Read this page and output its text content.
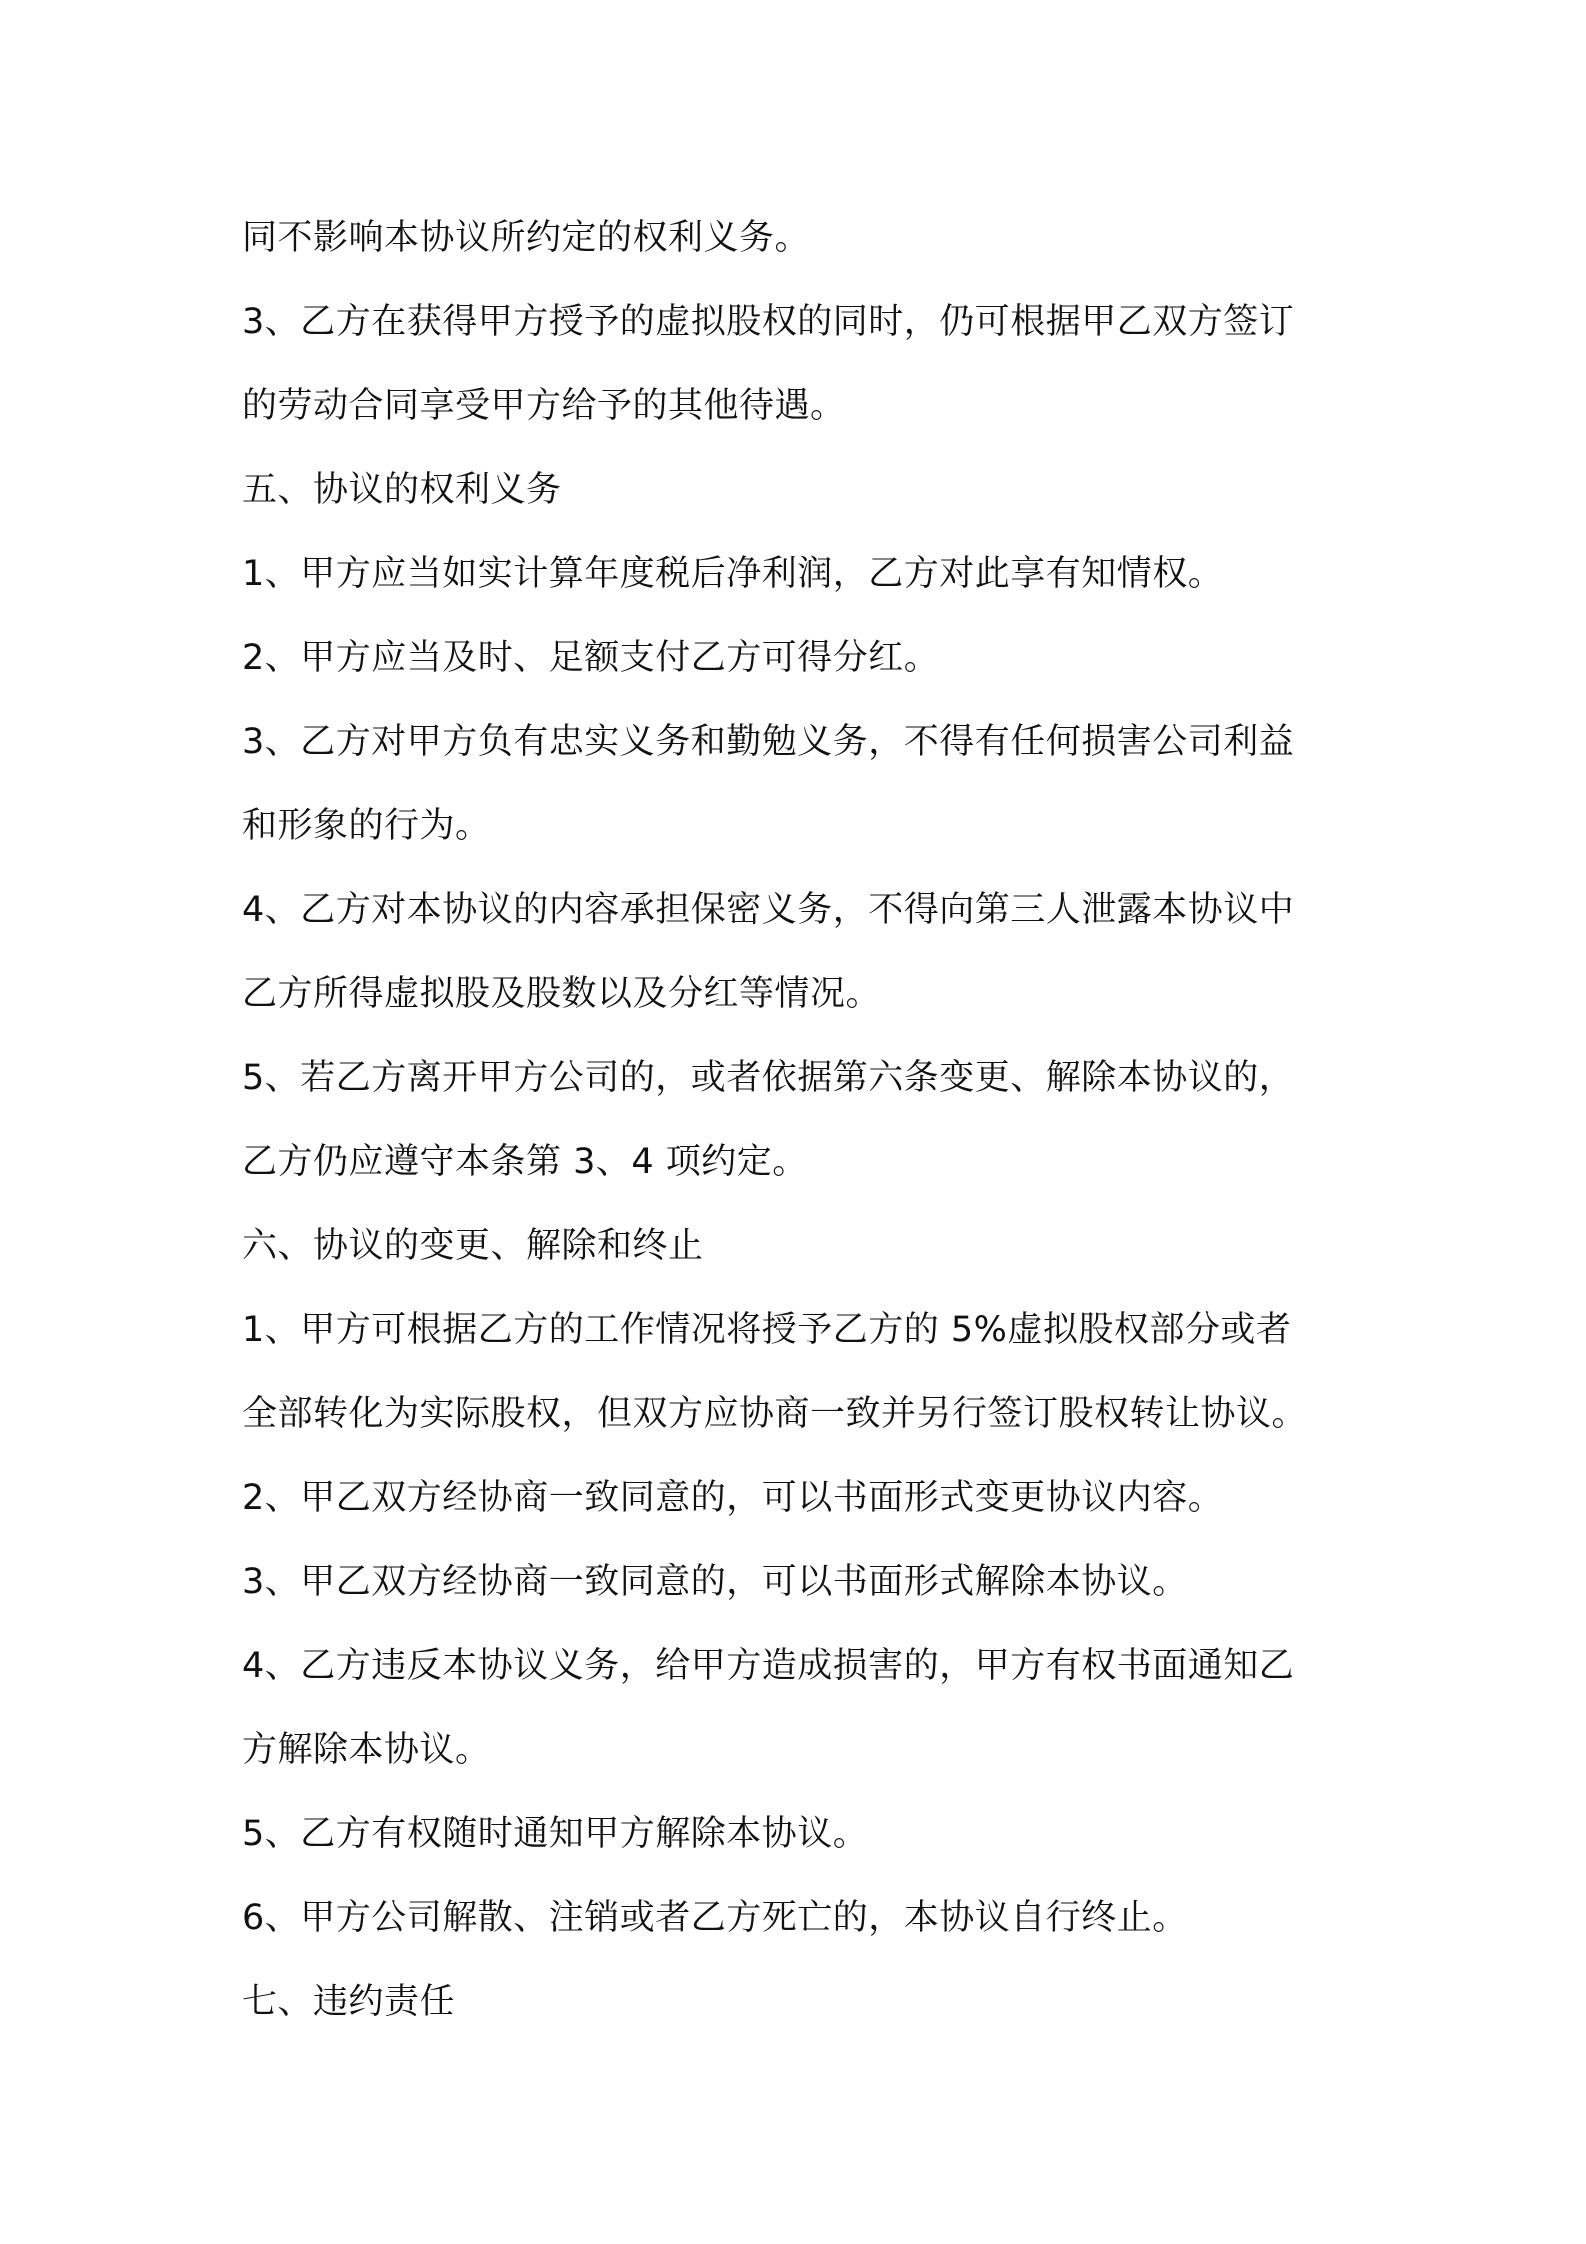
同不影响本协议所约定的权利义务。
3、乙方在获得甲方授予的虚拟股权的同时，仍可根据甲乙双方签订
的劳动合同享受甲方给予的其他待遇。
五、协议的权利义务
1、甲方应当如实计算年度税后净利润，乙方对此享有知情权。
2、甲方应当及时、足额支付乙方可得分红。
3、乙方对甲方负有忠实义务和勤勉义务，不得有任何损害公司利益
和形象的行为。
4、乙方对本协议的内容承担保密义务，不得向第三人泄露本协议中
乙方所得虚拟股及股数以及分红等情况。
5、若乙方离开甲方公司的，或者依据第六条变更、解除本协议的，
乙方仍应遵守本条第 3、4 项约定。
六、协议的变更、解除和终止
1、甲方可根据乙方的工作情况将授予乙方的 5%虚拟股权部分或者
全部转化为实际股权，但双方应协商一致并另行签订股权转让协议。
2、甲乙双方经协商一致同意的，可以书面形式变更协议内容。
3、甲乙双方经协商一致同意的，可以书面形式解除本协议。
4、乙方违反本协议义务，给甲方造成损害的，甲方有权书面通知乙
方解除本协议。
5、乙方有权随时通知甲方解除本协议。
6、甲方公司解散、注销或者乙方死亡的，本协议自行终止。
七、违约责任
